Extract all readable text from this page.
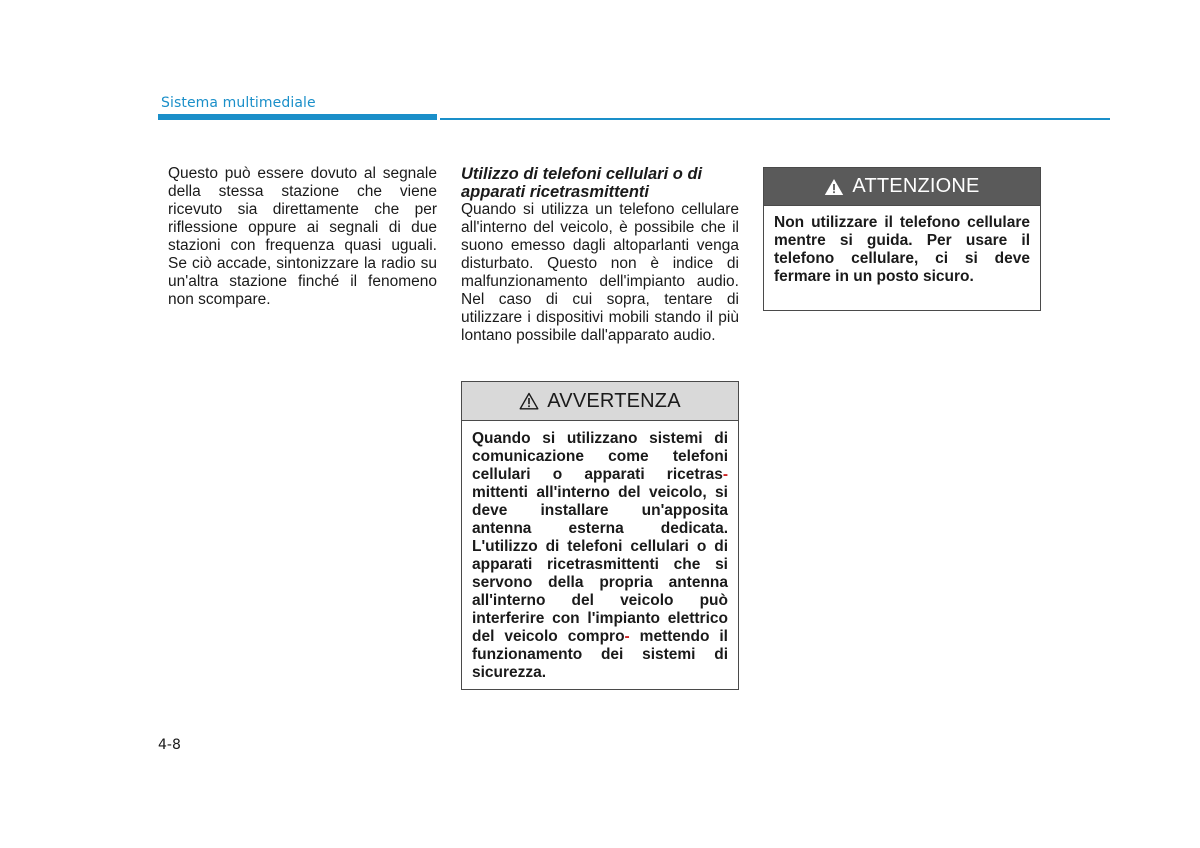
Sistema multimediale

Questo può essere dovuto al segnale della stessa stazione che viene ricevuto sia direttamente che per riflessione oppure ai segnali di due stazioni con frequenza quasi uguali. Se ciò accade, sintonizzare la radio su un'altra stazione finché il fenomeno non scompare.

Utilizzo di telefoni cellulari o di apparati ricetrasmittenti

Quando si utilizza un telefono cellulare all'interno del veicolo, è possibile che il suono emesso dagli altoparlanti venga disturbato. Questo non è indice di malfunzionamento dell'impianto audio. Nel caso di cui sopra, tentare di utilizzare i dispositivi mobili stando il più lontano possibile dall'apparato audio.

AVVERTENZA
Quando si utilizzano sistemi di comunicazione come telefoni cellulari o apparati ricetras- mittenti all'interno del veicolo, si deve installare un'apposita antenna esterna dedicata. L'utilizzo di telefoni cellulari o di apparati ricetrasmittenti che si servono della propria antenna all'interno del veicolo può interferire con l'impianto elettrico del veicolo compro- mettendo il funzionamento dei sistemi di sicurezza.
ATTENZIONE
Non utilizzare il telefono cellulare mentre si guida. Per usare il telefono cellulare, ci si deve fermare in un posto sicuro.
4-8
